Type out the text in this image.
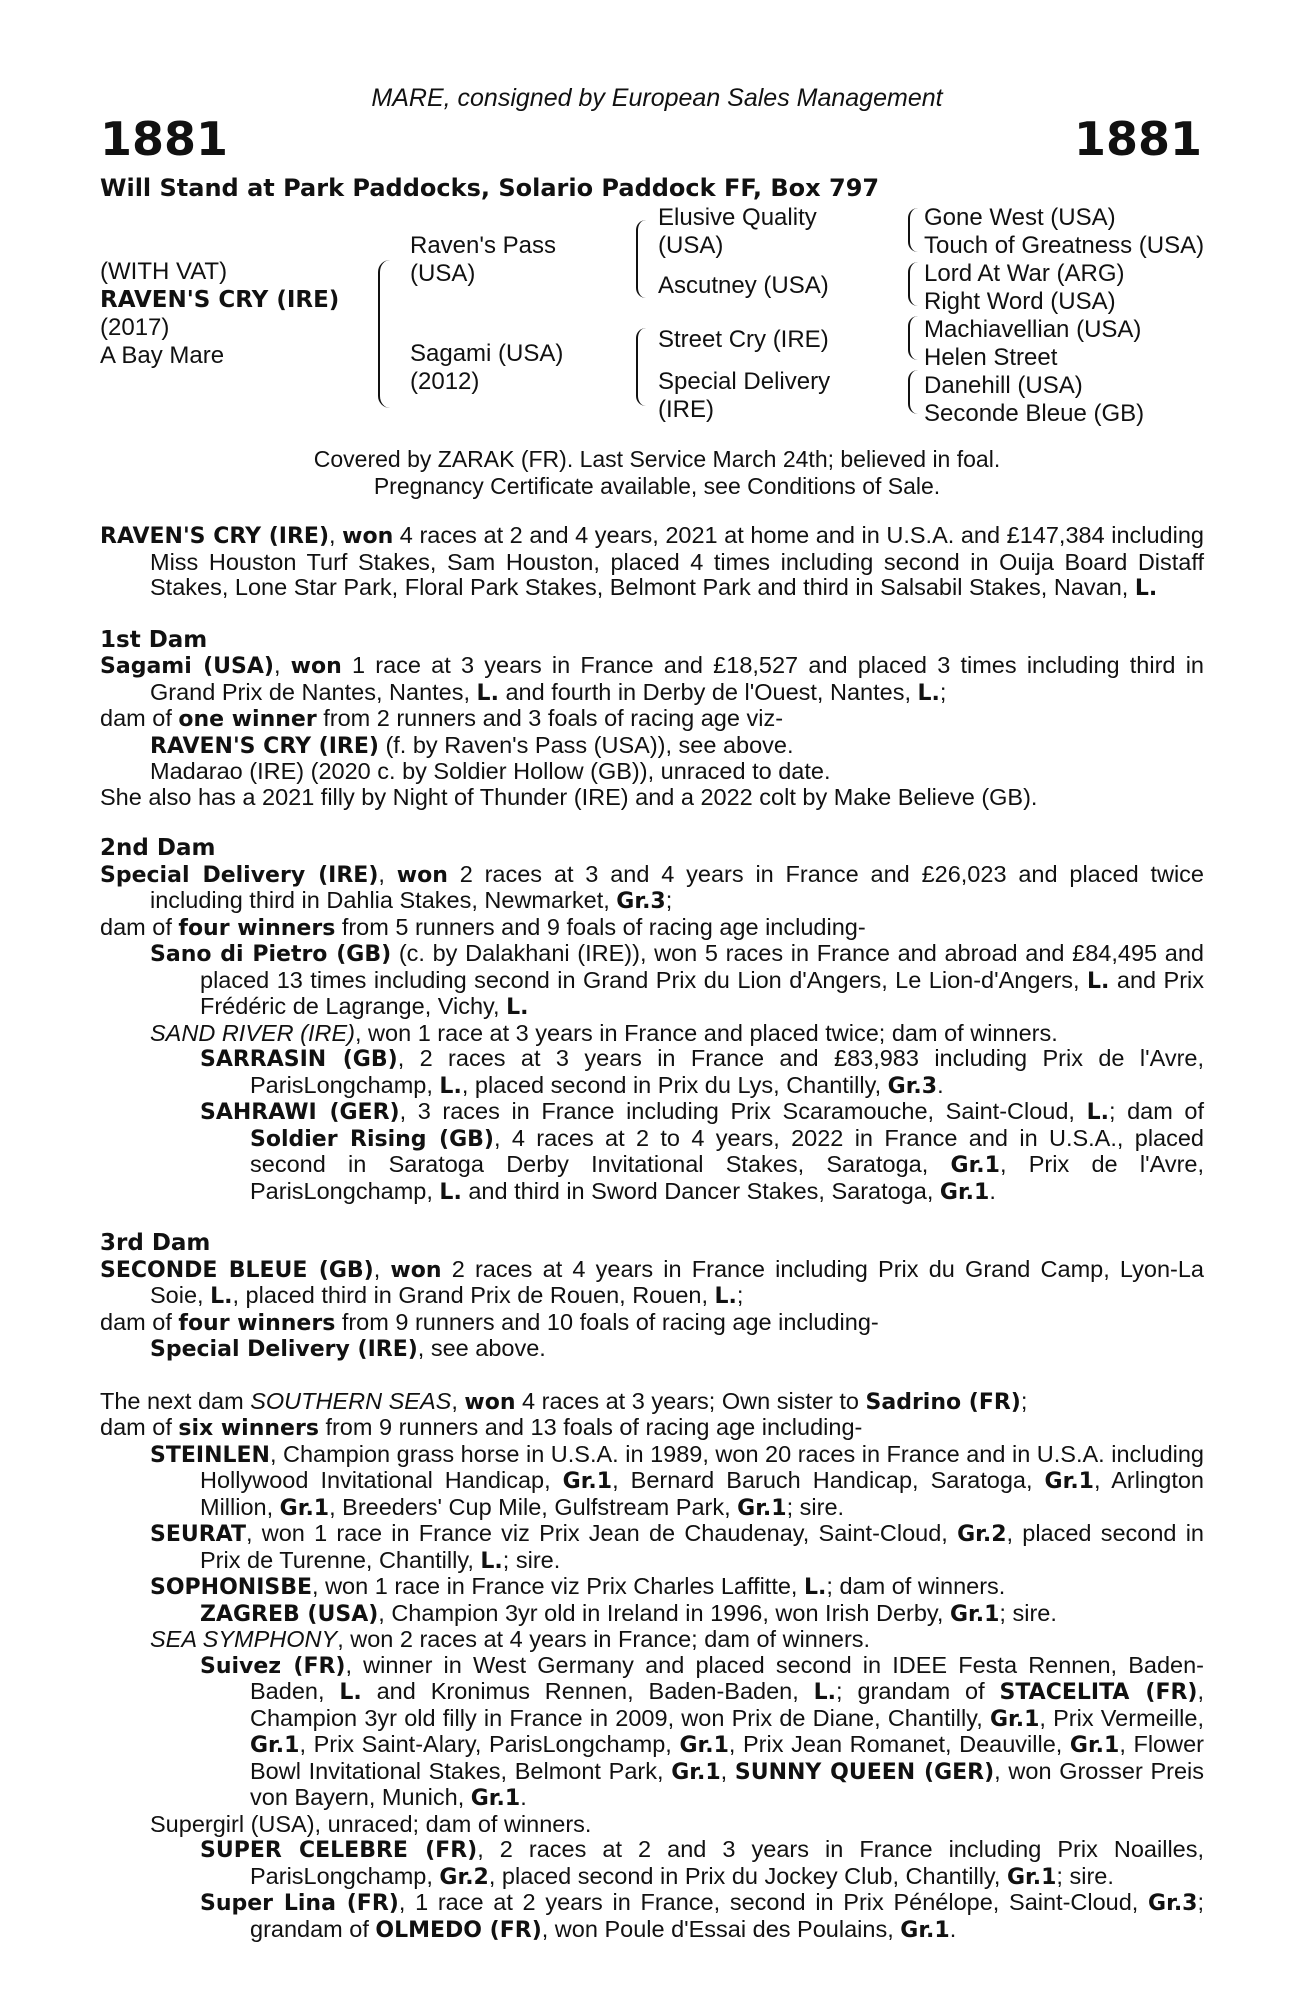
MARE, consigned by European Sales Management
1881	1881
Will Stand at Park Paddocks, Solario Paddock FF, Box 797
(WITH VAT)
RAVEN'S CRY (IRE)
(2017)
A Bay Mare
Raven's Pass
(USA)
Sagami (USA)
(2012)
Elusive Quality
(USA)
Ascutney (USA)
Street Cry (IRE)
Special Delivery
(IRE)
Gone West (USA)
Touch of Greatness (USA)
Lord At War (ARG)
Right Word (USA)
Machiavellian (USA)
Helen Street
Danehill (USA)
Seconde Bleue (GB)
Covered by ZARAK (FR). Last Service March 24th; believed in foal.
Pregnancy Certificate available, see Conditions of Sale.

RAVEN'S CRY (IRE), won 4 races at 2 and 4 years, 2021 at home and in U.S.A. and £147,384 including Miss Houston Turf Stakes, Sam Houston, placed 4 times including second in Ouija Board Distaff Stakes, Lone Star Park, Floral Park Stakes, Belmont Park and third in Salsabil Stakes, Navan, L.

1st Dam

Sagami (USA), won 1 race at 3 years in France and £18,527 and placed 3 times including third in Grand Prix de Nantes, Nantes, L. and fourth in Derby de l'Ouest, Nantes, L.;

dam of one winner from 2 runners and 3 foals of racing age viz-

RAVEN'S CRY (IRE) (f. by Raven's Pass (USA)), see above.

Madarao (IRE) (2020 c. by Soldier Hollow (GB)), unraced to date.

She also has a 2021 filly by Night of Thunder (IRE) and a 2022 colt by Make Believe (GB).

2nd Dam

Special Delivery (IRE), won 2 races at 3 and 4 years in France and £26,023 and placed twice including third in Dahlia Stakes, Newmarket, Gr.3;

dam of four winners from 5 runners and 9 foals of racing age including-

Sano di Pietro (GB) (c. by Dalakhani (IRE)), won 5 races in France and abroad and £84,495 and placed 13 times including second in Grand Prix du Lion d'Angers, Le Lion-d'Angers, L. and Prix Frédéric de Lagrange, Vichy, L.

SAND RIVER (IRE), won 1 race at 3 years in France and placed twice; dam of winners.

SARRASIN (GB), 2 races at 3 years in France and £83,983 including Prix de l'Avre, ParisLongchamp, L., placed second in Prix du Lys, Chantilly, Gr.3.

SAHRAWI (GER), 3 races in France including Prix Scaramouche, Saint-Cloud, L.; dam of Soldier Rising (GB), 4 races at 2 to 4 years, 2022 in France and in U.S.A., placed second in Saratoga Derby Invitational Stakes, Saratoga, Gr.1, Prix de l'Avre, ParisLongchamp, L. and third in Sword Dancer Stakes, Saratoga, Gr.1.

3rd Dam

SECONDE BLEUE (GB), won 2 races at 4 years in France including Prix du Grand Camp, Lyon-La Soie, L., placed third in Grand Prix de Rouen, Rouen, L.;

dam of four winners from 9 runners and 10 foals of racing age including-

Special Delivery (IRE), see above.

The next dam SOUTHERN SEAS, won 4 races at 3 years; Own sister to Sadrino (FR);

dam of six winners from 9 runners and 13 foals of racing age including-

STEINLEN, Champion grass horse in U.S.A. in 1989, won 20 races in France and in U.S.A. including Hollywood Invitational Handicap, Gr.1, Bernard Baruch Handicap, Saratoga, Gr.1, Arlington Million, Gr.1, Breeders' Cup Mile, Gulfstream Park, Gr.1; sire.

SEURAT, won 1 race in France viz Prix Jean de Chaudenay, Saint-Cloud, Gr.2, placed second in Prix de Turenne, Chantilly, L.; sire.

SOPHONISBE, won 1 race in France viz Prix Charles Laffitte, L.; dam of winners.

ZAGREB (USA), Champion 3yr old in Ireland in 1996, won Irish Derby, Gr.1; sire.

SEA SYMPHONY, won 2 races at 4 years in France; dam of winners.

Suivez (FR), winner in West Germany and placed second in IDEE Festa Rennen, Baden-Baden, L. and Kronimus Rennen, Baden-Baden, L.; grandam of STACELITA (FR), Champion 3yr old filly in France in 2009, won Prix de Diane, Chantilly, Gr.1, Prix Vermeille, Gr.1, Prix Saint-Alary, ParisLongchamp, Gr.1, Prix Jean Romanet, Deauville, Gr.1, Flower Bowl Invitational Stakes, Belmont Park, Gr.1, SUNNY QUEEN (GER), won Grosser Preis von Bayern, Munich, Gr.1.

Supergirl (USA), unraced; dam of winners.

SUPER CELEBRE (FR), 2 races at 2 and 3 years in France including Prix Noailles, ParisLongchamp, Gr.2, placed second in Prix du Jockey Club, Chantilly, Gr.1; sire.

Super Lina (FR), 1 race at 2 years in France, second in Prix Pénélope, Saint-Cloud, Gr.3; grandam of OLMEDO (FR), won Poule d'Essai des Poulains, Gr.1.
